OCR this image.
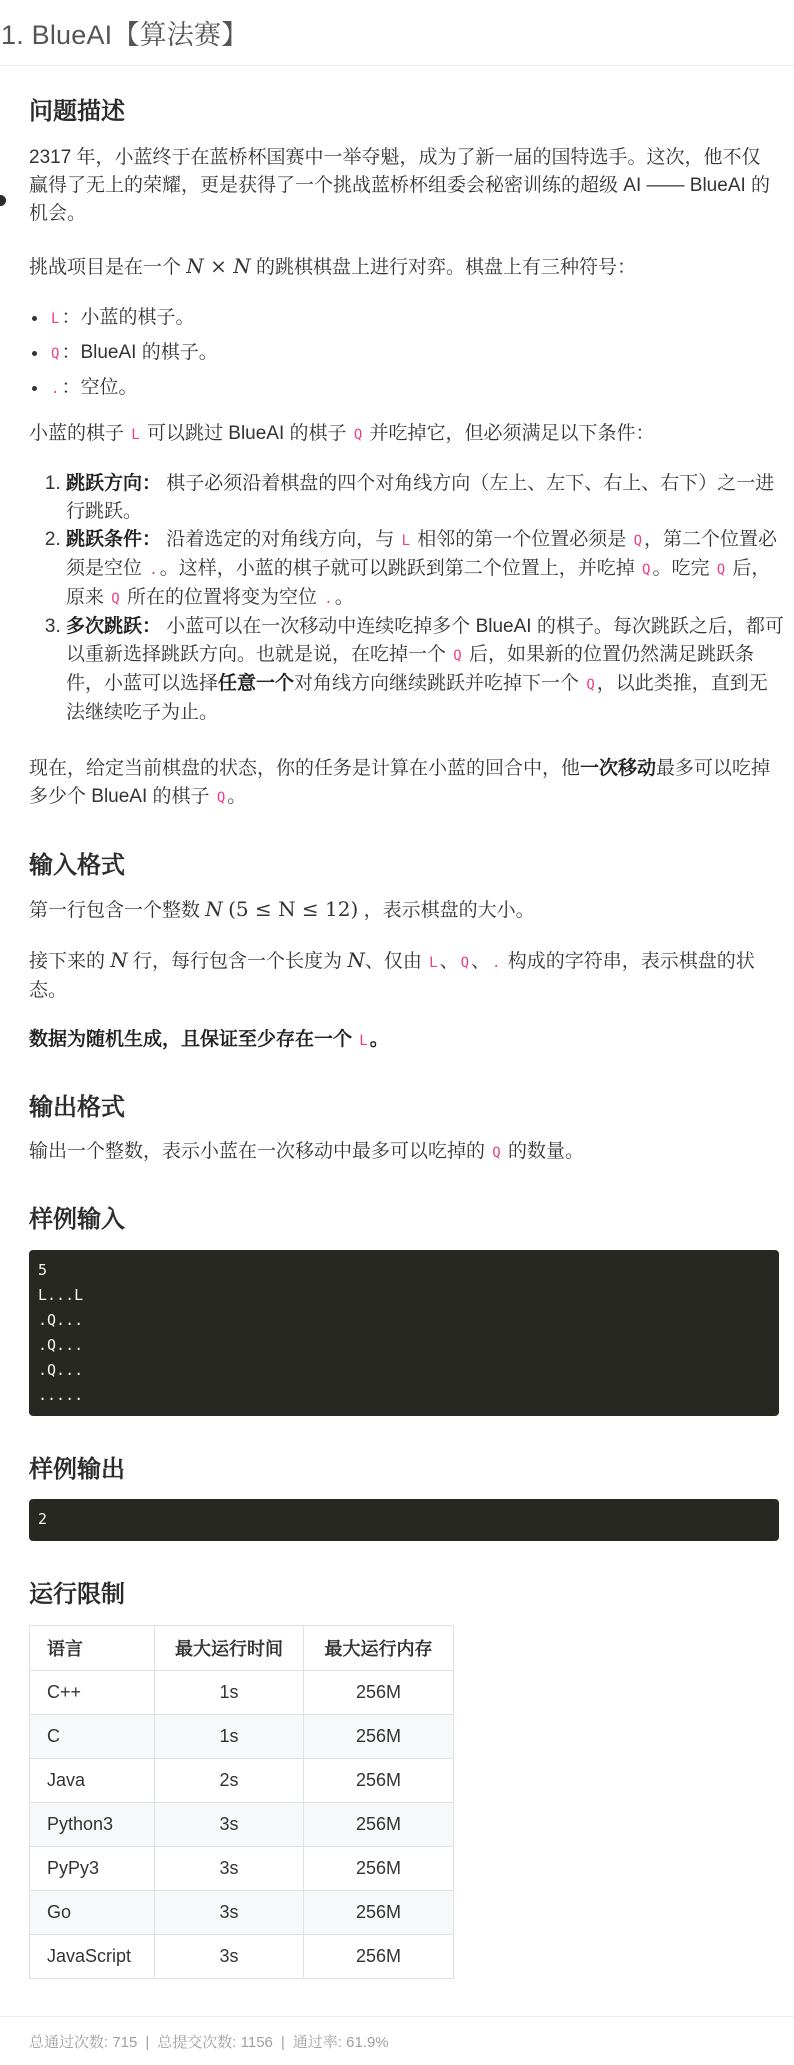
1. BlueAI【算法赛】
问题描述

2317 年，小蓝终于在蓝桥杯国赛中一举夺魁，成为了新一届的国特选手。这次，他不仅赢得了无上的荣耀，更是获得了一个挑战蓝桥杯组委会秘密训练的超级 AI —— BlueAI 的机会。

挑战项目是在一个 N × N 的跳棋棋盘上进行对弈。棋盘上有三种符号：

• L ：小蓝的棋子。
• Q ：BlueAI 的棋子。
• . ：空位。

小蓝的棋子 L 可以跳过 BlueAI 的棋子 Q 并吃掉它，但必须满足以下条件：

1. 跳跃方向： 棋子必须沿着棋盘的四个对角线方向（左上、左下、右上、右下）之一进行跳跃。
2. 跳跃条件： 沿着选定的对角线方向，与 L 相邻的第一个位置必须是 Q ，第二个位置必须是空位 . 。这样，小蓝的棋子就可以跳跃到第二个位置上，并吃掉 Q 。吃完 Q 后，原来 Q 所在的位置将变为空位 . 。
3. 多次跳跃： 小蓝可以在一次移动中连续吃掉多个 BlueAI 的棋子。每次跳跃之后，都可以重新选择跳跃方向。也就是说，在吃掉一个 Q 后，如果新的位置仍然满足跳跃条件，小蓝可以选择任意一个对角线方向继续跳跃并吃掉下一个 Q ，以此类推，直到无法继续吃子为止。

现在，给定当前棋盘的状态，你的任务是计算在小蓝的回合中，他一次移动最多可以吃掉多少个 BlueAI 的棋子 Q 。

输入格式

第一行包含一个整数 N (5 ≤ N ≤ 12) ，表示棋盘的大小。

接下来的 N 行，每行包含一个长度为 N、仅由 L 、 Q 、 . 构成的字符串，表示棋盘的状态。

数据为随机生成，且保证至少存在一个 L 。

输出格式

输出一个整数，表示小蓝在一次移动中最多可以吃掉的 Q 的数量。

样例输入
5
L...L
.Q...
.Q...
.Q...
.....
样例输出
2
运行限制
语言	最大运行时间	最大运行内存
C++	1s	256M
C	1s	256M
Java	2s	256M
Python3	3s	256M
PyPy3	3s	256M
Go	3s	256M
JavaScript	3s	256M
总通过次数: 715 | 总提交次数: 1156 | 通过率: 61.9%
